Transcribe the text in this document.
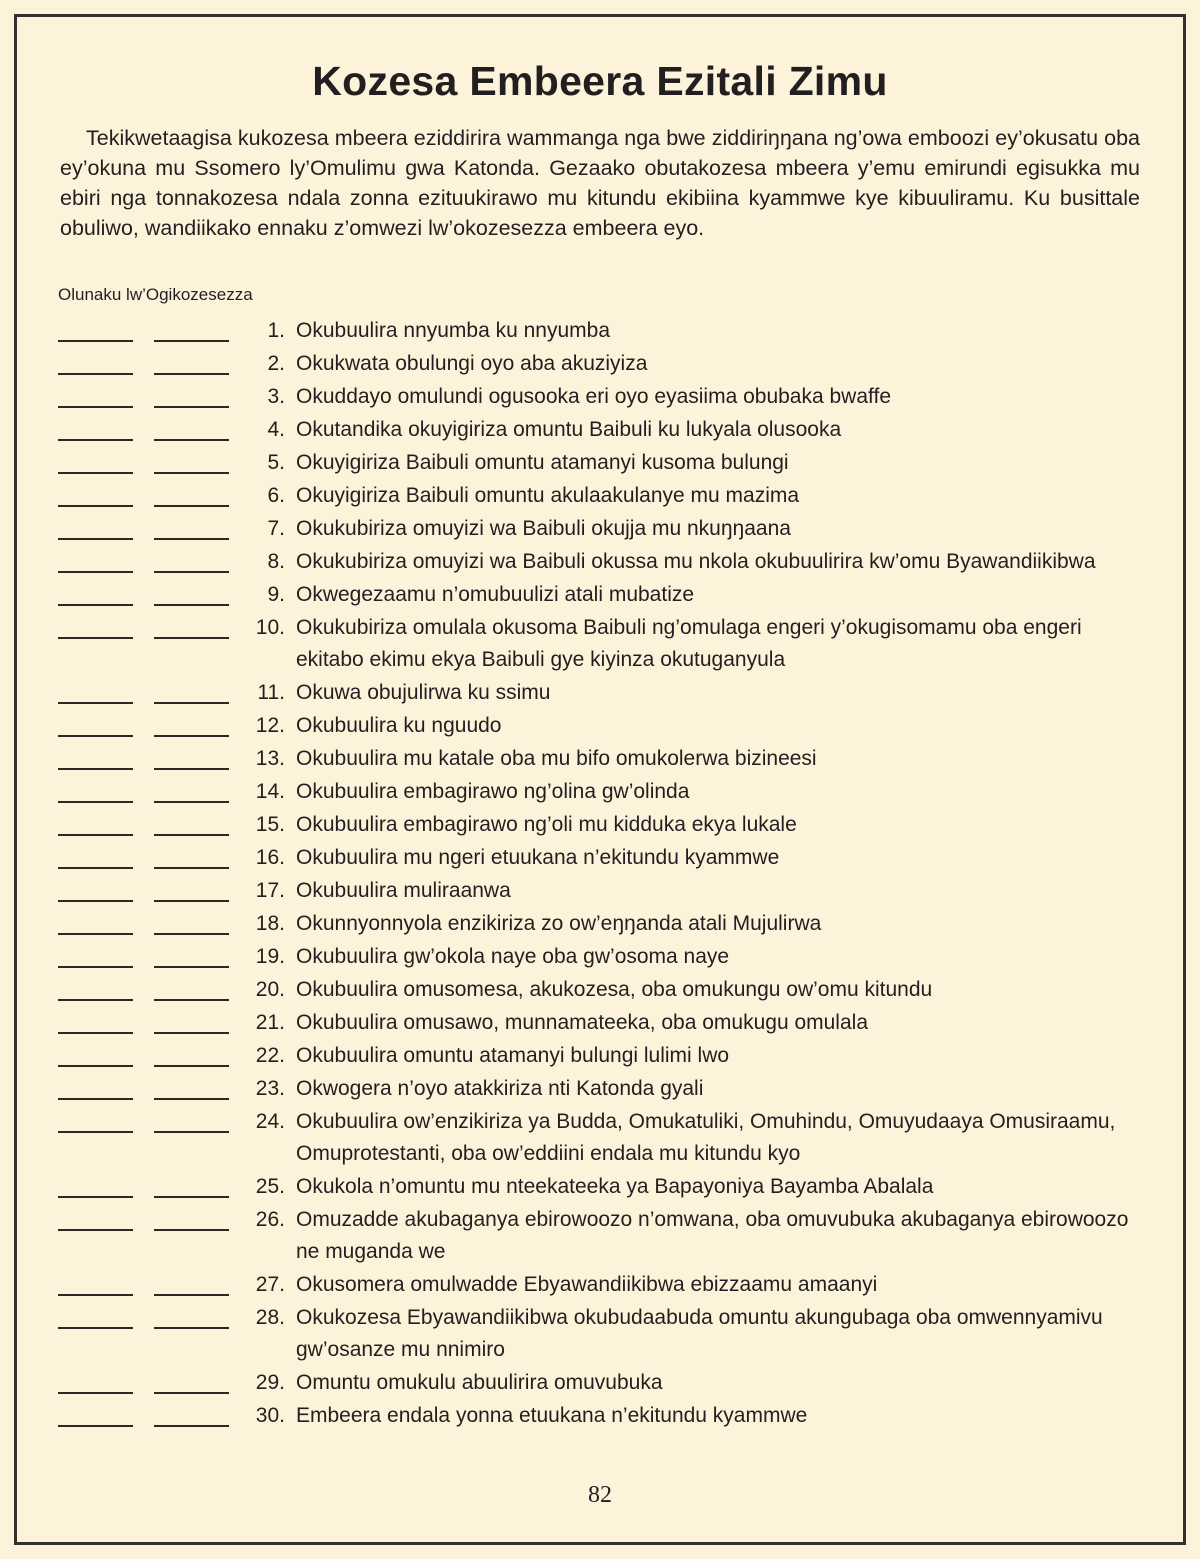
Kozesa Embeera Ezitali Zimu

Tekikwetaagisa kukozesa mbeera eziddirira wammanga nga bwe ziddiriŋŋana ng’owa emboozi ey’okusatu oba ey’okuna mu Ssomero ly’Omulimu gwa Katonda. Gezaako obutakozesa mbeera y’emu emirundi egisukka mu ebiri nga tonnakozesa ndala zonna ezituukirawo mu kitundu ekibiina kyammwe kye kibuuliramu. Ku busittale obuliwo, wandiikako ennaku z’omwezi lw’okozesezza embeera eyo.

Olunaku lw’Ogikozesezza
1. Okubuulira nnyumba ku nnyumba
2. Okukwata obulungi oyo aba akuziyiza
3. Okuddayo omulundi ogusooka eri oyo eyasiima obubaka bwaffe
4. Okutandika okuyigiriza omuntu Baibuli ku lukyala olusooka
5. Okuyigiriza Baibuli omuntu atamanyi kusoma bulungi
6. Okuyigiriza Baibuli omuntu akulaakulanye mu mazima
7. Okukubiriza omuyizi wa Baibuli okujja mu nkuŋŋaana
8. Okukubiriza omuyizi wa Baibuli okussa mu nkola okubuulirira kw’omu Byawandiikibwa
9. Okwegezaamu n’omubuulizi atali mubatize
10. Okukubiriza omulala okusoma Baibuli ng’omulaga engeri y’okugisomamu oba engeri ekitabo ekimu ekya Baibuli gye kiyinza okutuganyula
11. Okuwa obujulirwa ku ssimu
12. Okubuulira ku nguudo
13. Okubuulira mu katale oba mu bifo omukolerwa bizineesi
14. Okubuulira embagirawo ng’olina gw’olinda
15. Okubuulira embagirawo ng’oli mu kidduka ekya lukale
16. Okubuulira mu ngeri etuukana n’ekitundu kyammwe
17. Okubuulira muliraanwa
18. Okunnyonnyola enzikiriza zo ow’eŋŋanda atali Mujulirwa
19. Okubuulira gw’okola naye oba gw’osoma naye
20. Okubuulira omusomesa, akukozesa, oba omukungu ow’omu kitundu
21. Okubuulira omusawo, munnamateeka, oba omukugu omulala
22. Okubuulira omuntu atamanyi bulungi lulimi lwo
23. Okwogera n’oyo atakkiriza nti Katonda gyali
24. Okubuulira ow’enzikiriza ya Budda, Omukatuliki, Omuhindu, Omuyudaaya Omusiraamu, Omuprotestanti, oba ow’eddiini endala mu kitundu kyo
25. Okukola n’omuntu mu nteekateeka ya Bapayoniya Bayamba Abalala
26. Omuzadde akubaganya ebirowoozo n’omwana, oba omuvubuka akubaganya ebirowoozo ne muganda we
27. Okusomera omulwadde Ebyawandiikibwa ebizzaamu amaanyi
28. Okukozesa Ebyawandiikibwa okubudaabuda omuntu akungubaga oba omwennyamivu gw’osanze mu nnimiro
29. Omuntu omukulu abuulirira omuvubuka
30. Embeera endala yonna etuukana n’ekitundu kyammwe
82
